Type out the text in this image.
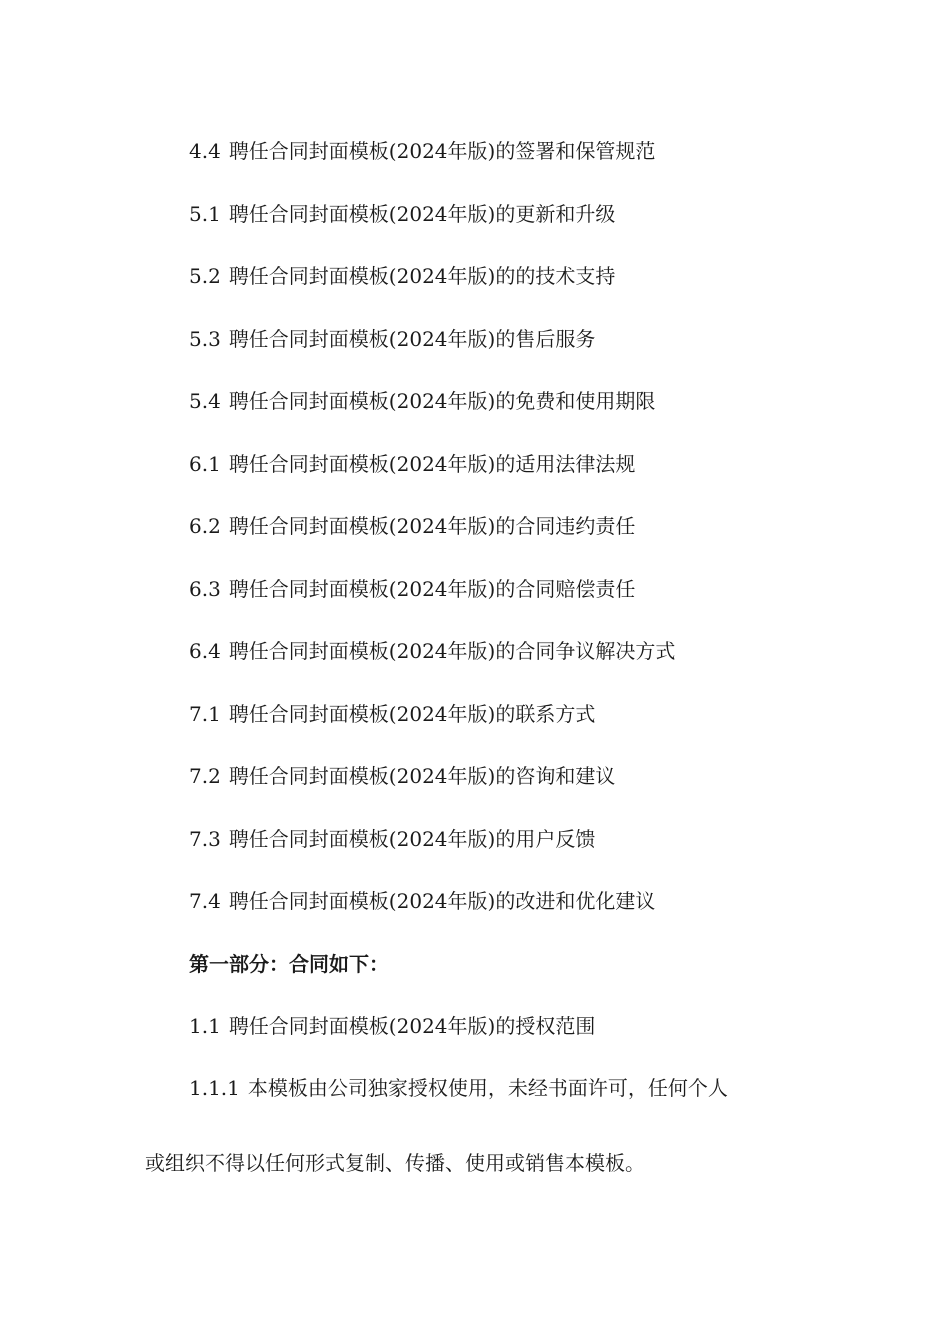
4.4 聘任合同封面模板(2024年版)的签署和保管规范
5.1 聘任合同封面模板(2024年版)的更新和升级
5.2 聘任合同封面模板(2024年版)的的技术支持
5.3 聘任合同封面模板(2024年版)的售后服务
5.4 聘任合同封面模板(2024年版)的免费和使用期限
6.1 聘任合同封面模板(2024年版)的适用法律法规
6.2 聘任合同封面模板(2024年版)的合同违约责任
6.3 聘任合同封面模板(2024年版)的合同赔偿责任
6.4 聘任合同封面模板(2024年版)的合同争议解决方式
7.1 聘任合同封面模板(2024年版)的联系方式
7.2 聘任合同封面模板(2024年版)的咨询和建议
7.3 聘任合同封面模板(2024年版)的用户反馈
7.4 聘任合同封面模板(2024年版)的改进和优化建议
第一部分：合同如下：
1.1 聘任合同封面模板(2024年版)的授权范围
1.1.1 本模板由公司独家授权使用，未经书面许可，任何个人
或组织不得以任何形式复制、传播、使用或销售本模板。
